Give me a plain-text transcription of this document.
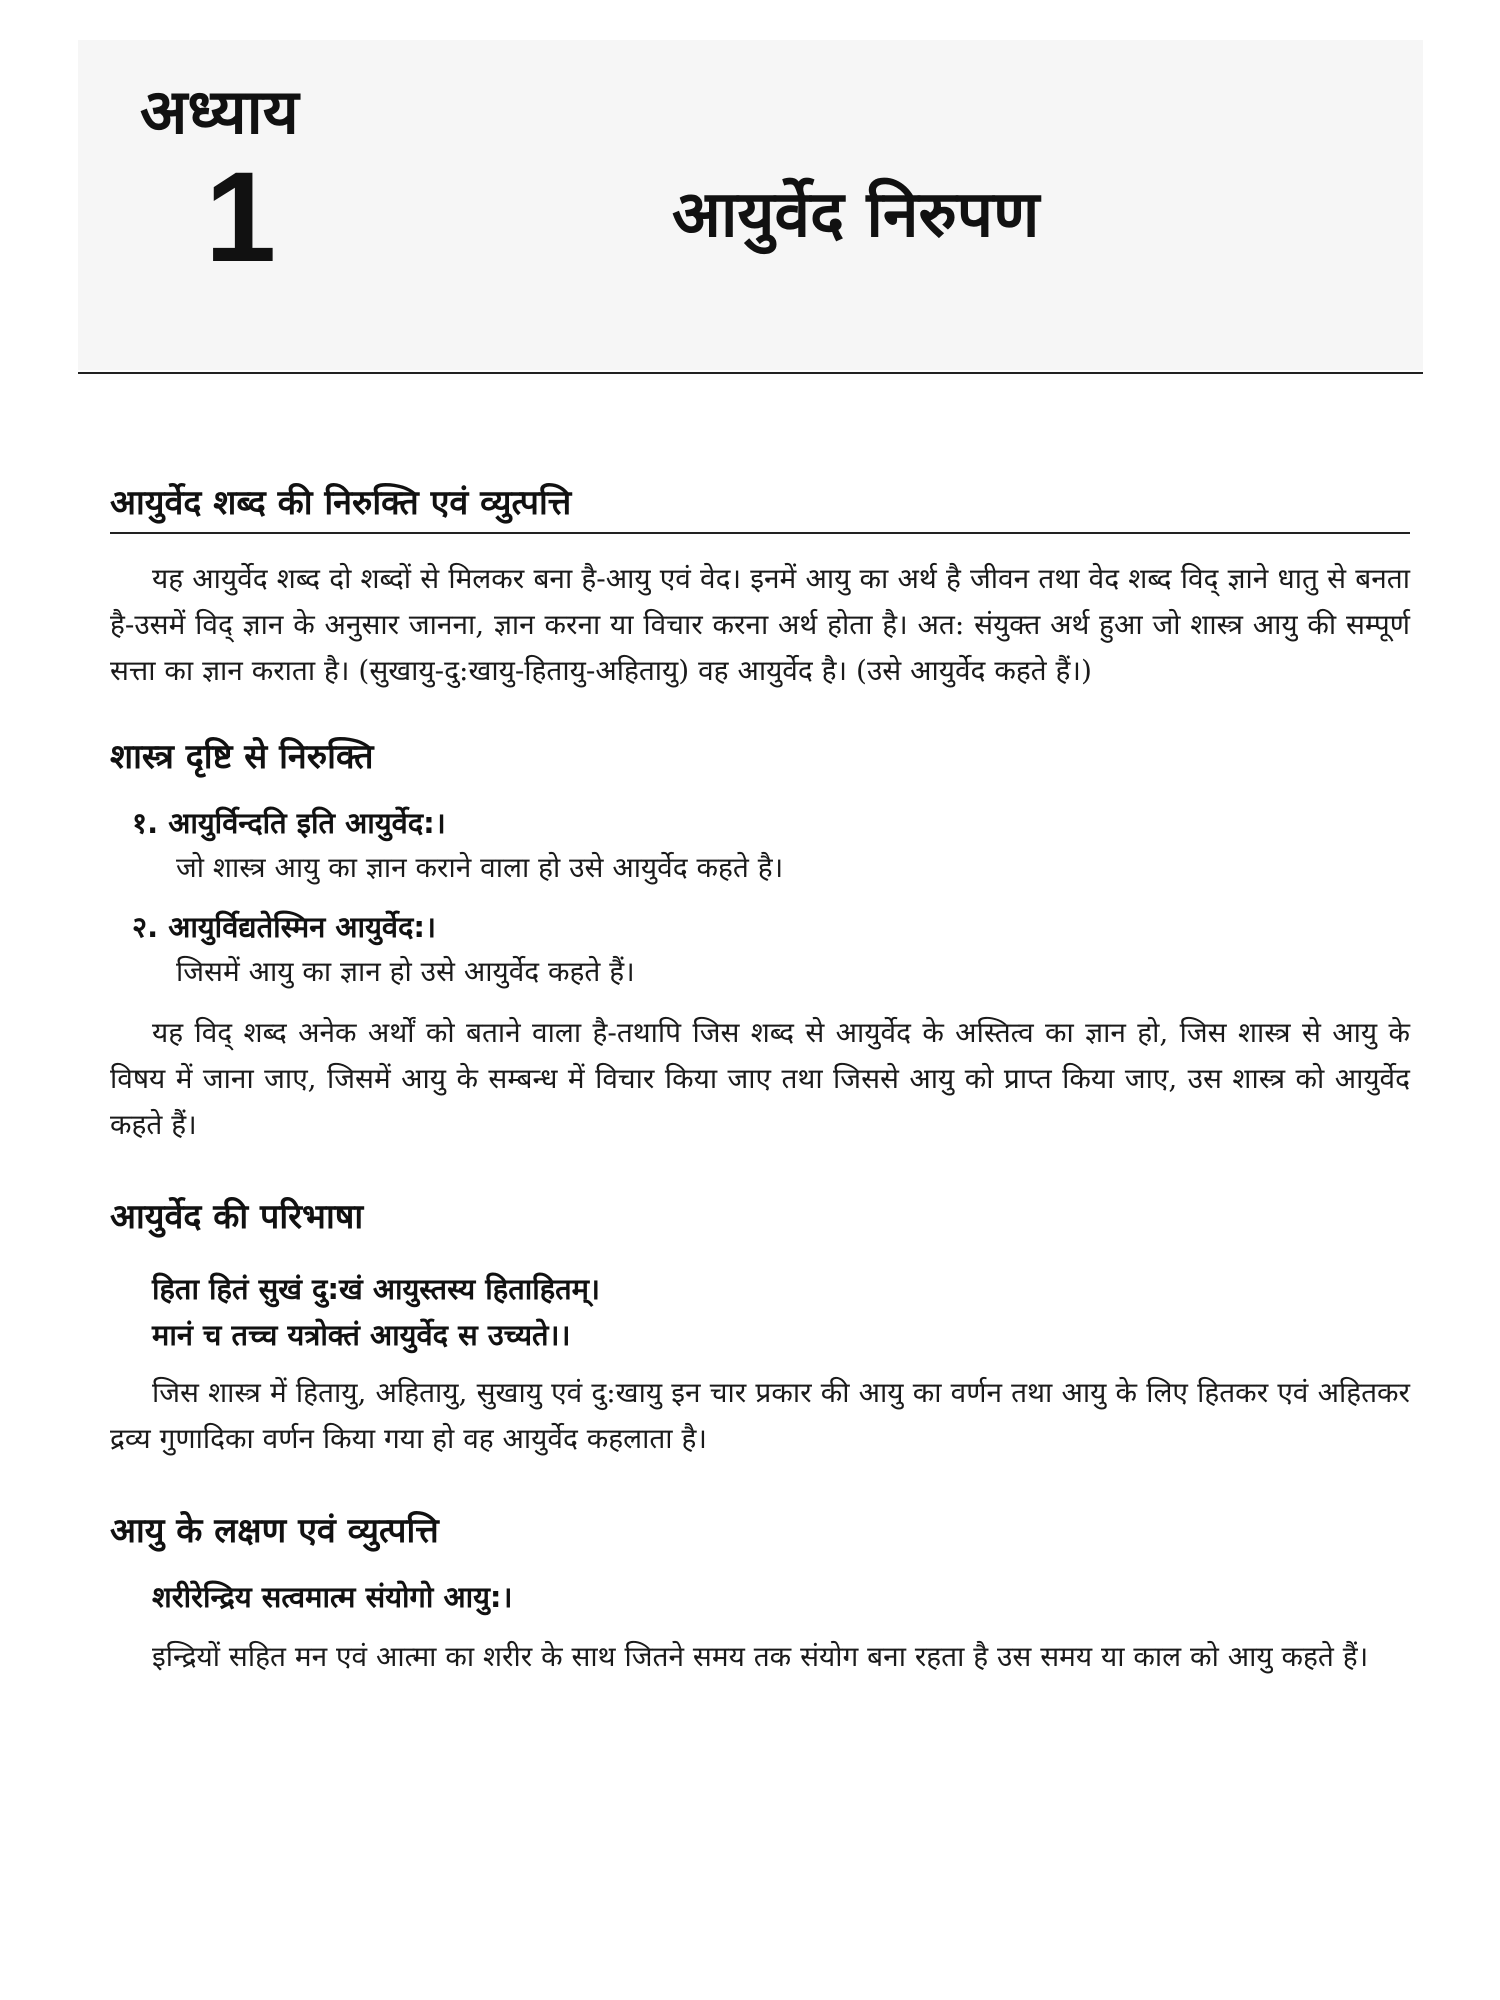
अध्याय
1	आयुर्वेद निरुपण
आयुर्वेद शब्द की निरुक्ति एवं व्युत्पत्ति

यह आयुर्वेद शब्द दो शब्दों से मिलकर बना है-आयु एवं वेद। इनमें आयु का अर्थ है जीवन तथा वेद शब्द विद् ज्ञाने धातु से बनता है-उसमें विद् ज्ञान के अनुसार जानना, ज्ञान करना या विचार करना अर्थ होता है। अत: संयुक्त अर्थ हुआ जो शास्त्र आयु की सम्पूर्ण सत्ता का ज्ञान कराता है। (सुखायु-दु:खायु-हितायु-अहितायु) वह आयुर्वेद है। (उसे आयुर्वेद कहते हैं।)

शास्त्र दृष्टि से निरुक्ति
१. आयुर्विन्दति इति आयुर्वेद:।
जो शास्त्र आयु का ज्ञान कराने वाला हो उसे आयुर्वेद कहते है।
२. आयुर्विद्यतेस्मिन आयुर्वेद:।
जिसमें आयु का ज्ञान हो उसे आयुर्वेद कहते हैं।

यह विद् शब्द अनेक अर्थों को बताने वाला है-तथापि जिस शब्द से आयुर्वेद के अस्तित्व का ज्ञान हो, जिस शास्त्र से आयु के विषय में जाना जाए, जिसमें आयु के सम्बन्ध में विचार किया जाए तथा जिससे आयु को प्राप्त किया जाए, उस शास्त्र को आयुर्वेद कहते हैं।

आयुर्वेद की परिभाषा

हिता हितं सुखं दु:खं आयुस्तस्य हिताहितम्।

मानं च तच्च यत्रोक्तं आयुर्वेद स उच्यते।।

जिस शास्त्र में हितायु, अहितायु, सुखायु एवं दु:खायु इन चार प्रकार की आयु का वर्णन तथा आयु के लिए हितकर एवं अहितकर द्रव्य गुणादिका वर्णन किया गया हो वह आयुर्वेद कहलाता है।

आयु के लक्षण एवं व्युत्पत्ति

शरीरेन्द्रिय सत्वमात्म संयोगो आयु:।

इन्द्रियों सहित मन एवं आत्मा का शरीर के साथ जितने समय तक संयोग बना रहता है उस समय या काल को आयु कहते हैं।
